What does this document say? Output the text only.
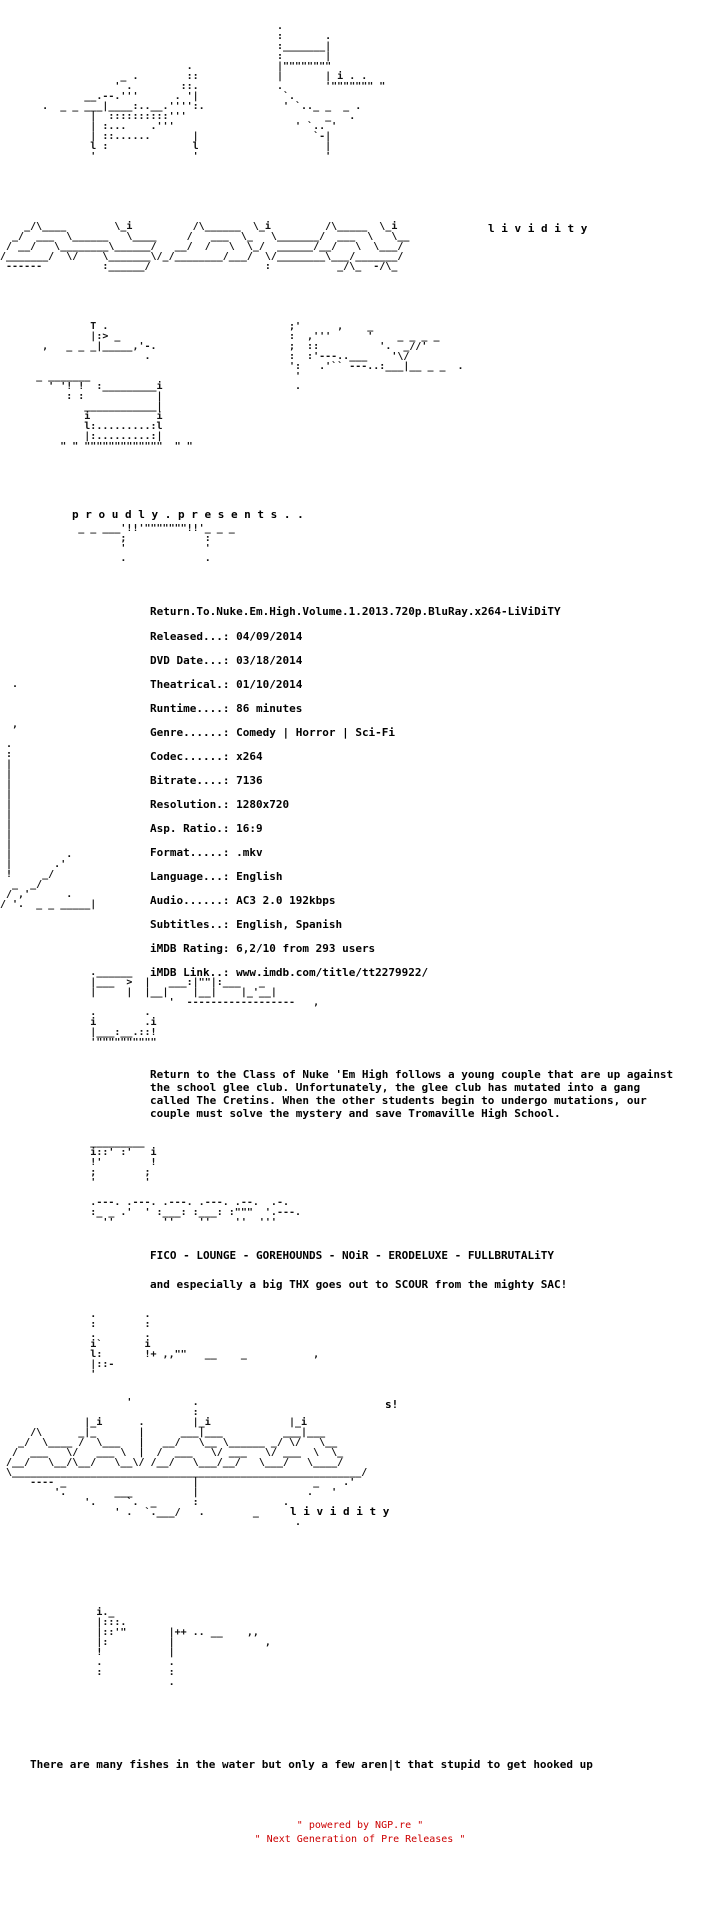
.
:       .
:_______|
:       |
.              |""""""""
_ .        ::             |       | i . .
' .        ::.             .       '""""""" "
__.--.'''      . '|              `.
.  _ _ ___|____:..__.'''':.             ' `.._ _  _ .
|  ::::::::::'''                       _   .
| :...    .'''                    ' `.. '
| ::......       |                   `-|
l :              l                     |
'                '                     '

_/\____        \_i          /\______  \_i         /\_____  \_i
_/  ___  \______   \____     /   ___  \_   \_______/  ___  \   \__
/ __/   \________\______/   __/  /   \  \_/  ______/__/   \  \___/
/_______/  \/    \_______\/_/________/___/  \/________\___/_______/
------          :______/                   :           _/\_  -/\_

l i v i d i t y
T .                              ;'      ,    _
|:> _                            :  ,'''      '    _ _ _ _
,   _ _ _|_____,'-.                      ;  ::          '.  _//'
.                       :  :'---..___    '\/
':   .'`` ---..:___|__ _ _  .
_ _______                                  '
' '! !  :_________i                      .
: :            |
____________|
i           i
l:.........:l
|:.........:|
" " """""""""""""  " "

p r o u d l y . p r e s e n t s . .
_ _ ___'!!'"""""""!!'_ _ _
;             :
'             '
.             .

Return.To.Nuke.Em.High.Volume.1.2013.720p.BluRay.x264-LiViDiTY
Released...: 04/09/2014
DVD Date...: 03/18/2014
Theatrical.: 01/10/2014
Runtime....: 86 minutes
Genre......: Comedy | Horror | Sci-Fi
Codec......: x264
Bitrate....: 7136
Resolution.: 1280x720
Asp. Ratio.: 16:9
Format.....: .mkv
Language...: English
Audio......: AC3 2.0 192kbps
Subtitles..: English, Spanish
iMDB Rating: 6,2/10 from 293 users
iMDB Link..: www.imdb.com/title/tt2279922/
.

,

.
:
|
|
|
|
|
|
|
|
|
|         .
|       .'
!     _/
_  _/
/ ,'      .
/ '.  _ _ _____|

.______
|___  >  |   ___:|""|:___   _
|     |  |__|    |__|    |_'__|
'  ------------------   ,
.        .
i        .i
|___:__.::!
'""""""""""

Return to the Class of Nuke 'Em High follows a young couple that are up against the school glee club. Unfortunately, the glee club has mutated into a gang called The Cretins. When the other students begin to undergo mutations, our couple must solve the mystery and save Tromaville High School.
_________
i::' :'   i
!'        !
;        ;
'        '

.---. .---. .---. .---. .--.  .-.
:_ _ .'  ' :___: :___: :"""  '.---.
''        ''    ''    ''  '''

FICO - LOUNGE - GOREHOUNDS - NOiR - ERODELUXE - FULLBRUTALiTY
and especially a big THX goes out to SCOUR from the mighty SAC!
.        .
:        :
.        .
i`       i
l:       !+ ,,""   __    _           ,
|::-
'

s!
'          .
:
|_i      .        |_i             |_i
/\      _|_       |      ___|___          ___|___
_/  \____ /  \___   |   __/   \__ \______ _/ \/   \__
/  ___   \/   ___ \  |  /  ___   \/ ___   \/ ___  \  \_
/__/   \__/\__/   \__\/ /__/   \___/__/   \___/   \____/
\__________________________________________________________/
---- _                     |                   _    .'
'.        ___          |                  .   '
'.     `.  _      :              .
' .  `.___/   .        _
.

l i v i d i t y
i._
|:::.
|::'"       |++ .. __    ,,
|:          |               ,
!           |
.           .
:           :
.

There are many fishes in the water but only a few aren|t that stupid to get hooked up
" powered by NGP.re "
" Next Generation of Pre Releases "
